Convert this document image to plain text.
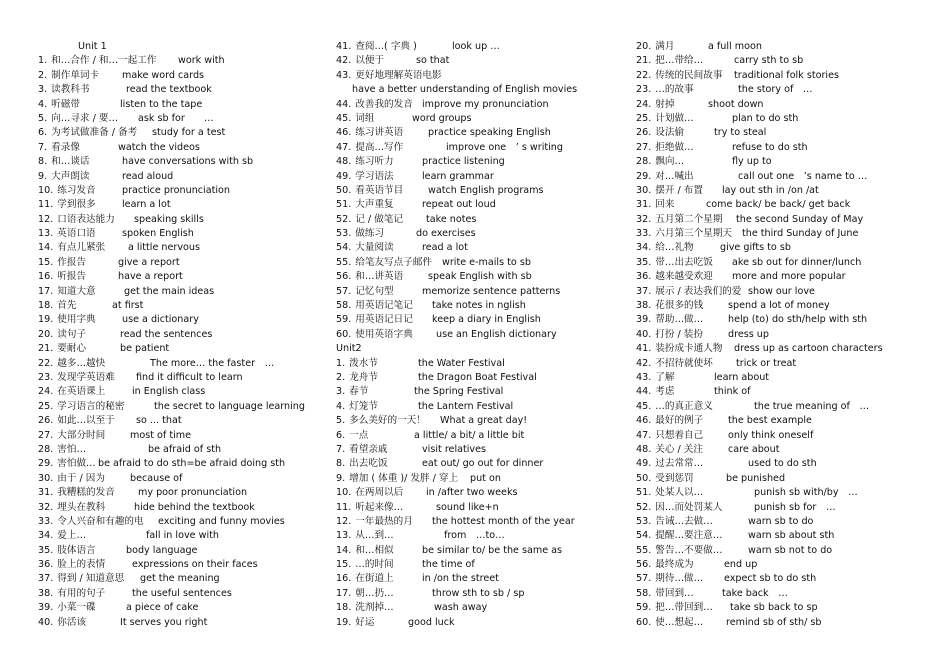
Unit 1
1. 和…合作 / 和…一起工作 work with
2. 制作单词卡 make word cards
3. 读教科书	read the textbook
4. 听磁带	listen to the tape
5. 向…寻求 / 要… ask sb for　　…
6. 为考试做准备 / 备考 study for a test
7. 看录像	watch the videos
8. 和…谈话	have conversations with sb
9. 大声朗读	read aloud
10. 练习发音	practice pronunciation
11. 学到很多	learn a lot
12. 口语表达能力 speaking skills
13. 英语口语	spoken English
14. 有点儿紧张 a little nervous
15. 作报告	give a report
16. 听报告	have a report
17. 知道大意	get the main ideas
18. 首先	at first
19. 使用字典	use a dictionary
20. 读句子	read the sentences
21. 要耐心	be patient
22. 越多…越快	The more… the faster　…
23. 发现学英语难 find it difficult to learn
24. 在英语课上	in English class
25. 学习语言的秘密	the secret to language learning
26. 如此…以至于 so ... that
27. 大部分时间	most of time
28. 害怕…	be afraid of sth
29. 害怕做… be afraid to do sth=be afraid doing sth
30. 由于 / 因为	because of
31. 我糟糕的发音 my poor pronunciation
32. 埋头在教科	hide behind the textbook
33. 令人兴奋和有趣的电 exciting and funny movies
34. 爱上…	fall in love with
35. 肢体语言	body language
36. 脸上的表情	expressions on their faces
37. 得到 / 知道意思 get the meaning
38. 有用的句子	the useful sentences
39. 小菜一碟	a piece of cake
40. 你活该	It serves you right
41. 查阅…( 字典 )	look up …
42. 以便于	so that
43. 更好地理解英语电影
have a better understanding of English movies
44. 改善我的发音 improve my pronunciation
45. 词组	word groups
46. 练习讲英语	practice speaking English
47. 提高…写作	improve one　’ s writing
48. 练习听力	practice listening
49. 学习语法	learn grammar
50. 看英语节目	watch English programs
51. 大声重复	repeat out loud
52. 记 / 做笔记 take notes
53. 做练习	do exercises
54. 大量阅读	read a lot
55. 给笔友写点子邮件 write e-mails to sb
56. 和…讲英语	speak English with sb
57. 记忆句型	memorize sentence patterns
58. 用英语记笔记 take notes in nglish
59. 用英语记日记 keep a diary in English
60. 使用英语字典 use an English dictionary
Unit2
1. 泼水节	the Water Festival
2. 龙舟节	the Dragon Boat Festival
3. 春节	the Spring Festival
4. 灯笼节	the Lantern Festival
5. 多么美好的一天！ What a great day!
6. 一点	a little/ a bit/ a little bit
7. 看望亲戚	visit relatives
8. 出去吃饭	eat out/ go out for dinner
9. 增加 ( 体重 )/ 发胖 / 穿上 put on
10. 在两周以后 in /after two weeks
11. 听起来像…	sound like+n
12. 一年最热的月 the hottest month of the year
13. 从…到…	from　…to…
14. 和…相似	be similar to/ be the same as
15. …的时间	the time of
16. 在街道上	in /on the street
17. 朝…扔…	throw sth to sb / sp
18. 洗剂掉…	wash away
19. 好运	good luck
20. 满月	a full moon
21. 把…带给…	carry sth to sb
22. 传统的民间故事 traditional folk stories
23. …的故事	the story of　…
24. 射掉	shoot down
25. 计划做…	plan to do sth
26. 设法偷	try to steal
27. 拒绝做…	refuse to do sth
28. 飘向…	fly up to
29. 对…喊出	call out one　’s name to …
30. 摆开 / 布置 lay out sth in /on /at
31. 回来	come back/ be back/ get back
32. 五月第二个星期 the second Sunday of May
33. 六月第三个星期天 the third Sunday of June
34. 给…礼物	give gifts to sb
35. 带…出去吃饭 ake sb out for dinner/lunch
36. 越来越受欢迎 more and more popular
37. 展示 / 表达我们的爱 show our love
38. 花很多的钱	spend a lot of money
39. 帮助…做…	help (to) do sth/help with sth
40. 打扮 / 装扮	dress up
41. 装扮成卡通人物 dress up as cartoon characters
42. 不招待就使坏 trick or treat
43. 了解	learn about
44. 考虑	think of
45. …的真正意义	the true meaning of　…
46. 最好的例子	the best example
47. 只想着自己	only think oneself
48. 关心 / 关注	care about
49. 过去常常…	used to do sth
50. 受到惩罚	be punished
51. 处某人以…	punish sb with/by　…
52. 因…而处罚某人	punish sb for　…
53. 告诫…去做…	warn sb to do
54. 提醒…要注意…	warn sb about sth
55. 警告…不要做…	warn sb not to do
56. 最终成为	end up
57. 期待…做… expect sb to do sth
58. 带回到…	take back　…
59. 把…带回到… take sb back to sp
60. 使…想起… remind sb of sth/ sb
